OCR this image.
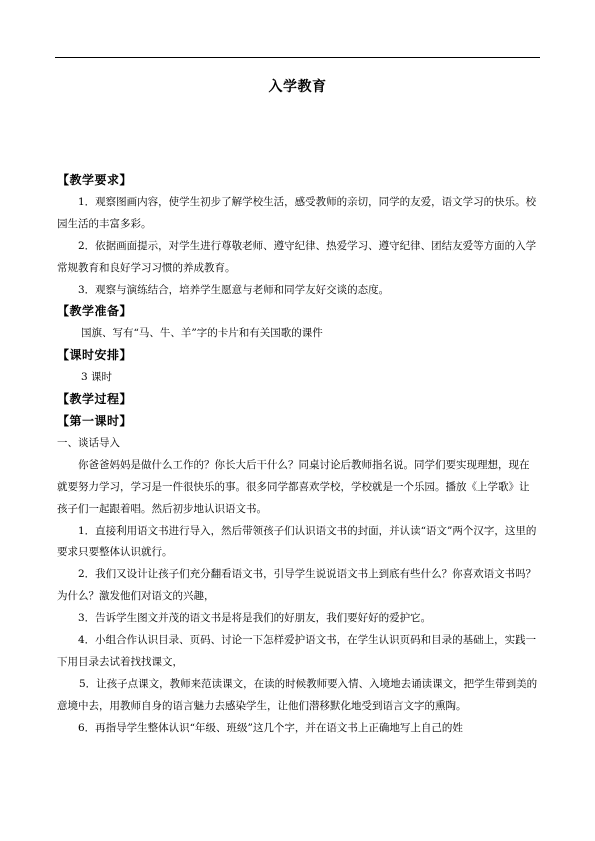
入学教育

【教学要求】

1．观察图画内容，使学生初步了解学校生活，感受教师的亲切，同学的友爱，语文学习的快乐。校园生活的丰富多彩。

2．依据画面提示，对学生进行尊敬老师、遵守纪律、热爱学习、遵守纪律、团结友爱等方面的入学常规教育和良好学习习惯的养成教育。

3．观察与演练结合，培养学生愿意与老师和同学友好交谈的态度。

【教学准备】

国旗、写有“马、牛、羊”字的卡片和有关国歌的课件

【课时安排】

3 课时

【教学过程】

【第一课时】

一、谈话导入

你爸爸妈妈是做什么工作的？你长大后干什么？同桌讨论后教师指名说。同学们要实现理想，现在就要努力学习，学习是一件很快乐的事。很多同学都喜欢学校，学校就是一个乐园。播放《上学歌》让孩子们一起跟着唱。然后初步地认识语文书。

1．直接利用语文书进行导入，然后带领孩子们认识语文书的封面，并认读“语文”两个汉字，这里的要求只要整体认识就行。

2．我们又设计让孩子们充分翻看语文书，引导学生说说语文书上到底有些什么？你喜欢语文书吗？为什么？激发他们对语文的兴趣，

3．告诉学生图文并茂的语文书是将是我们的好朋友，我们要好好的爱护它。

4．小组合作认识目录、页码、讨论一下怎样爱护语文书，在学生认识页码和目录的基础上，实践一下用目录去试着找找课文，

5．让孩子点课文，教师来范读课文，在读的时候教师要入情、入境地去诵读课文，把学生带到美的意境中去，用教师自身的语言魅力去感染学生，让他们潜移默化地受到语言文字的熏陶。

6．再指导学生整体认识“年级、班级”这几个字，并在语文书上正确地写上自己的姓
